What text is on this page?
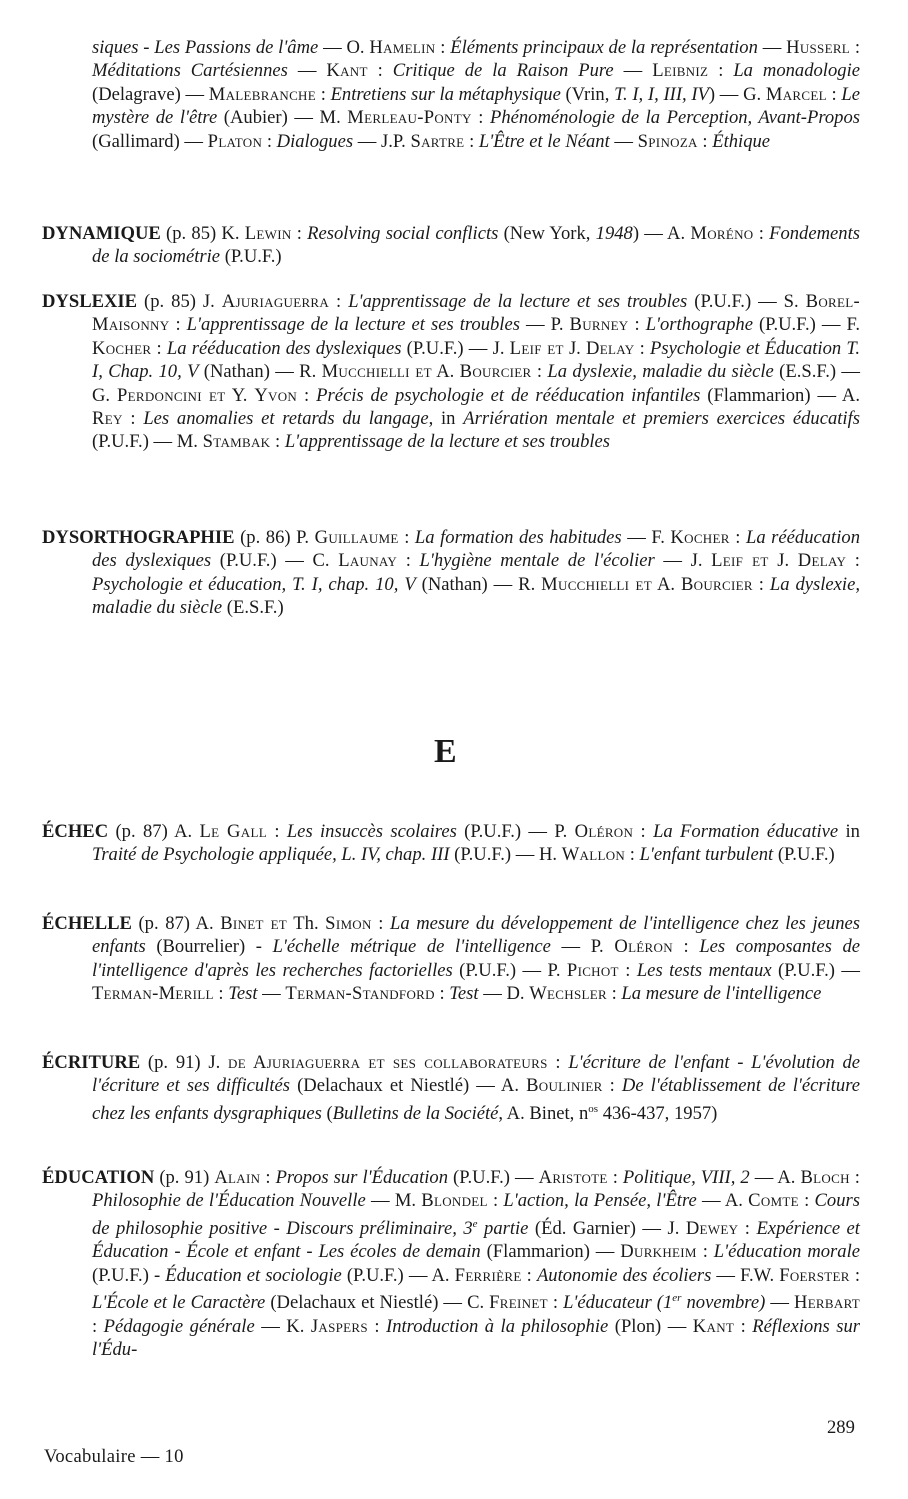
siques - Les Passions de l'âme — O. Hamelin : Éléments principaux de la représentation — Husserl : Méditations Cartésiennes — Kant : Critique de la Raison Pure — Leibniz : La monadologie (Delagrave) — Malebranche : Entretiens sur la métaphysique (Vrin, T. I, I, III, IV) — G. Marcel : Le mystère de l'être (Aubier) — M. Merleau-Ponty : Phénoménologie de la Perception, Avant-Propos (Gallimard) — Platon : Dialogues — J.P. Sartre : L'Être et le Néant — Spinoza : Éthique
DYNAMIQUE (p. 85) K. Lewin : Resolving social conflicts (New York, 1948) — A. Moréno : Fondements de la sociométrie (P.U.F.)
DYSLEXIE (p. 85) J. Ajuriaguerra : L'apprentissage de la lecture et ses troubles (P.U.F.) — S. Borel-Maisonny : L'apprentissage de la lecture et ses troubles — P. Burney : L'orthographe (P.U.F.) — F. Kocher : La rééducation des dyslexiques (P.U.F.) — J. Leif et J. Delay : Psychologie et Éducation T. I, Chap. 10, V (Nathan) — R. Mucchielli et A. Bourcier : La dyslexie, maladie du siècle (E.S.F.) — G. Perdoncini et Y. Yvon : Précis de psychologie et de rééducation infantiles (Flammarion) — A. Rey : Les anomalies et retards du langage, in Arriération mentale et premiers exercices éducatifs (P.U.F.) — M. Stambak : L'apprentissage de la lecture et ses troubles
DYSORTHOGRAPHIE (p. 86) P. Guillaume : La formation des habitudes — F. Kocher : La rééducation des dyslexiques (P.U.F.) — C. Launay : L'hygiène mentale de l'écolier — J. Leif et J. Delay : Psychologie et éducation, T. I, chap. 10, V (Nathan) — R. Mucchielli et A. Bourcier : La dyslexie, maladie du siècle (E.S.F.)
E
ÉCHEC (p. 87) A. Le Gall : Les insuccès scolaires (P.U.F.) — P. Oléron : La Formation éducative in Traité de Psychologie appliquée, L. IV, chap. III (P.U.F.) — H. Wallon : L'enfant turbulent (P.U.F.)
ÉCHELLE (p. 87) A. Binet et Th. Simon : La mesure du développement de l'intelligence chez les jeunes enfants (Bourrelier) - L'échelle métrique de l'intelligence — P. Oléron : Les composantes de l'intelligence d'après les recherches factorielles (P.U.F.) — P. Pichot : Les tests mentaux (P.U.F.) — Terman-Merill : Test — Terman-Standford : Test — D. Wechsler : La mesure de l'intelligence
ÉCRITURE (p. 91) J. de Ajuriaguerra et ses collaborateurs : L'écriture de l'enfant - L'évolution de l'écriture et ses difficultés (Delachaux et Niestlé) — A. Boulinier : De l'établissement de l'écriture chez les enfants dysgraphiques (Bulletins de la Société, A. Binet, $n^{os}$ 436-437, 1957)
ÉDUCATION (p. 91) Alain : Propos sur l'Éducation (P.U.F.) — Aristote : Politique, VIII, 2 — A. Bloch : Philosophie de l'Éducation Nouvelle — M. Blondel : L'action, la Pensée, l'Être — A. Comte : Cours de philosophie positive - Discours préliminaire, 3e partie (Éd. Garnier) — J. Dewey : Expérience et Éducation - École et enfant - Les écoles de demain (Flammarion) — Durkheim : L'éducation morale (P.U.F.) - Éducation et sociologie (P.U.F.) — A. Ferrière : Autonomie des écoliers — F.W. Foerster : L'École et le Caractère (Delachaux et Niestlé) — C. Freinet : L'éducateur (1er novembre) — Herbart : Pédagogie générale — K. Jaspers : Introduction à la philosophie (Plon) — Kant : Réflexions sur l'Édu-
289
Vocabulaire — 10
